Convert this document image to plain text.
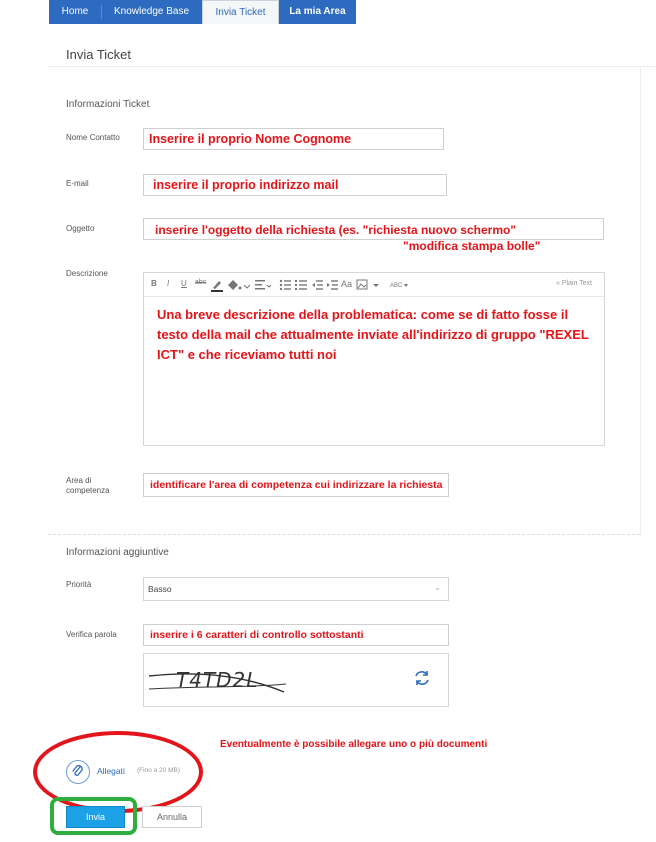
Home	Knowledge Base	Invia Ticket	La mia Area
Invia Ticket
Informazioni Ticket
Nome Contatto Inserire il proprio Nome Cognome
E-mail	inserire il proprio indirizzo mail
Oggetto	inserire l'oggetto della richiesta (es. "richiesta nuovo schermo"
"modifica stampa bolle"
Descrizione
B I U abc	Aa	ABC	« Plain Text
Una breve descrizione della problematica: come se di fatto fosse il testo della mail che attualmente inviate all'indirizzo di gruppo "REXEL ICT" e che riceviamo tutti noi
Area di
competenza	identificare l'area di competenza cui indirizzare la richiesta
Informazioni aggiuntive
Priorità	Basso	⌄
Verifica parola	inserire i 6 caratteri di controllo sottostanti
T4TD2L
Eventualmente è possibile allegare uno o più documenti
Allegati (Fino a 20 MB)
Invia	Annulla
